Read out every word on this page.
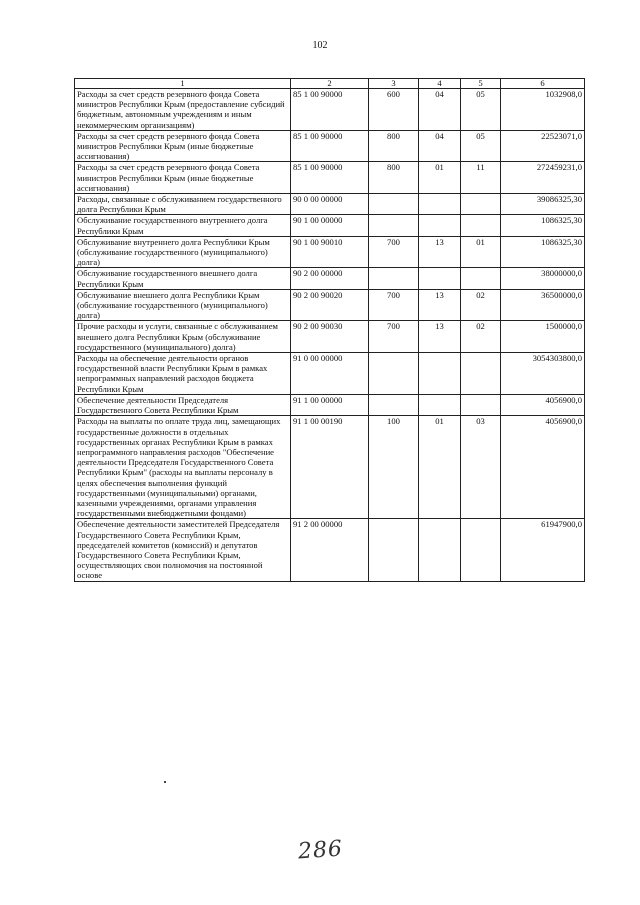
102
1	2	3	4	5	6
Расходы за счет средств резервного фонда Совета министров Республики Крым (предоставление субсидий бюджетным, автономным учреждениям и иным некоммерческим организациям)	85 1 00 90000	600	04	05	1032908,0
Расходы за счет средств резервного фонда Совета министров Республики Крым (иные бюджетные ассигнования)	85 1 00 90000	800	04	05	22523071,0
Расходы за счет средств резервного фонда Совета министров Республики Крым (иные бюджетные ассигнования)	85 1 00 90000	800	01	11	272459231,0
Расходы, связанные с обслуживанием государственного долга Республики Крым	90 0 00 00000				39086325,30
Обслуживание государственного внутреннего долга Республики Крым	90 1 00 00000				1086325,30
Обслуживание внутреннего долга Республики Крым (обслуживание государственного (муниципального) долга)	90 1 00 90010	700	13	01	1086325,30
Обслуживание государственного внешнего долга Республики Крым	90 2 00 00000				38000000,0
Обслуживание внешнего долга Республики Крым (обслуживание государственного (муниципального) долга)	90 2 00 90020	700	13	02	36500000,0
Прочие расходы и услуги, связанные с обслуживанием внешнего долга Республики Крым (обслуживание государственного (муниципального) долга)	90 2 00 90030	700	13	02	1500000,0
Расходы на обеспечение деятельности органов государственной власти Республики Крым в рамках непрограммных направлений расходов бюджета Республики Крым	91 0 00 00000				3054303800,0
Обеспечение деятельности Председателя Государственного Совета Республики Крым	91 1 00 00000				4056900,0
Расходы на выплаты по оплате труда лиц, замещающих государственные должности в отдельных государственных органах Республики Крым в рамках непрограммного направления расходов "Обеспечение деятельности Председателя Государственного Совета Республики Крым" (расходы на выплаты персоналу в целях обеспечения выполнения функций государственными (муниципальными) органами, казенными учреждениями, органами управления государственными внебюджетными фондами)	91 1 00 00190	100	01	03	4056900,0
Обеспечение деятельности заместителей Председателя Государственного Совета Республики Крым, председателей комитетов (комиссий) и депутатов Государственного Совета Республики Крым, осуществляющих свои полномочия на постоянной основе	91 2 00 00000				61947900,0
286
